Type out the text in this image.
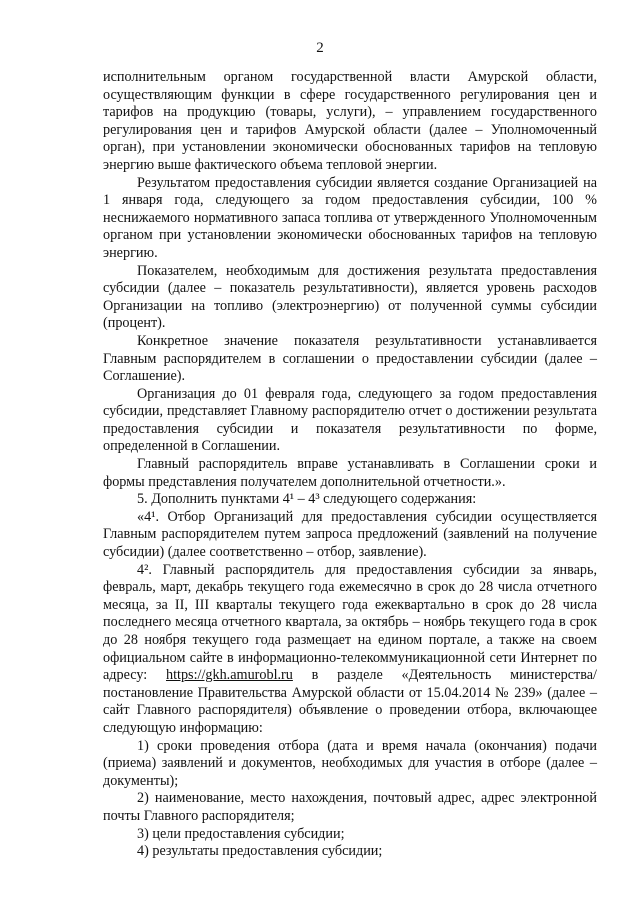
2

исполнительным органом государственной власти Амурской области, осуществляющим функции в сфере государственного регулирования цен и тарифов на продукцию (товары, услуги), – управлением государственного регулирования цен и тарифов Амурской области (далее – Уполномоченный орган), при установлении экономически обоснованных тарифов на тепловую энергию выше фактического объема тепловой энергии.

Результатом предоставления субсидии является создание Организацией на 1 января года, следующего за годом предоставления субсидии, 100 % неснижаемого нормативного запаса топлива от утвержденного Уполномоченным органом при установлении экономически обоснованных тарифов на тепловую энергию.

Показателем, необходимым для достижения результата предоставления субсидии (далее – показатель результативности), является уровень расходов Организации на топливо (электроэнергию) от полученной суммы субсидии (процент).

Конкретное значение показателя результативности устанавливается Главным распорядителем в соглашении о предоставлении субсидии (далее – Соглашение).

Организация до 01 февраля года, следующего за годом предоставления субсидии, представляет Главному распорядителю отчет о достижении результата предоставления субсидии и показателя результативности по форме, определенной в Соглашении.

Главный распорядитель вправе устанавливать в Соглашении сроки и формы представления получателем дополнительной отчетности.».

5. Дополнить пунктами 4¹ – 4³ следующего содержания:

«4¹. Отбор Организаций для предоставления субсидии осуществляется Главным распорядителем путем запроса предложений (заявлений на получение субсидии) (далее соответственно – отбор, заявление).

4². Главный распорядитель для предоставления субсидии за январь, февраль, март, декабрь текущего года ежемесячно в срок до 28 числа отчетного месяца, за II, III кварталы текущего года ежеквартально в срок до 28 числа последнего месяца отчетного квартала, за октябрь – ноябрь текущего года в срок до 28 ноября текущего года размещает на едином портале, а также на своем официальном сайте в информационно-телекоммуникационной сети Интернет по адресу: https://gkh.amurobl.ru в разделе «Деятельность министерства/ постановление Правительства Амурской области от 15.04.2014 № 239» (далее – сайт Главного распорядителя) объявление о проведении отбора, включающее следующую информацию:

1) сроки проведения отбора (дата и время начала (окончания) подачи (приема) заявлений и документов, необходимых для участия в отборе (далее – документы);

2) наименование, место нахождения, почтовый адрес, адрес электронной почты Главного распорядителя;

3) цели предоставления субсидии;

4) результаты предоставления субсидии;
